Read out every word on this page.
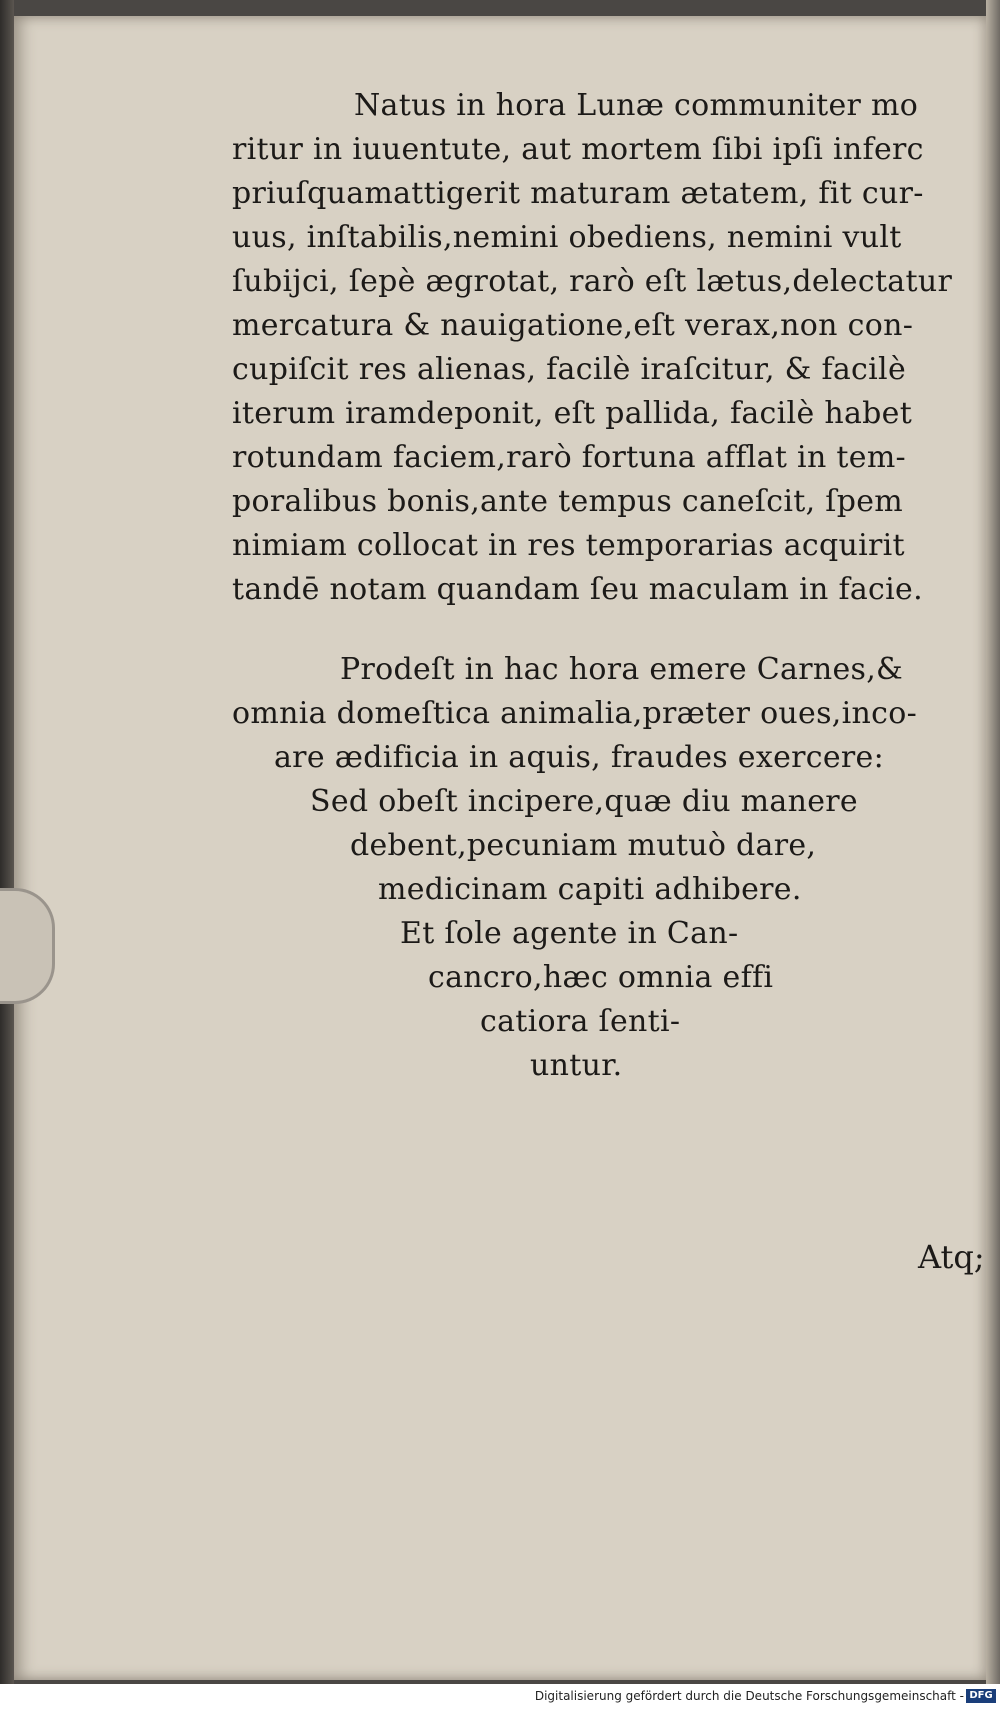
Natus in hora Lunæ communiter mo
ritur in iuuentute, aut mortem ſibi ipſi inferc
priuſquamattigerit maturam ætatem, fit cur-
uus, inſtabilis,nemini obediens, nemini vult
ſubijci, ſepè ægrotat, rarò eſt lætus,delectatur
mercatura & nauigatione,eſt verax,non con-
cupiſcit res alienas, facilè iraſcitur, & facilè
iterum iramdeponit, eſt pallida, facilè habet
rotundam faciem,rarò fortuna afflat in tem-
poralibus bonis,ante tempus caneſcit, ſpem
nimiam collocat in res temporarias acquirit
tandē notam quandam ſeu maculam in facie.
Prodeſt in hac hora emere Carnes,&
omnia domeſtica animalia,præter oues,inco-
are ædificia in aquis, fraudes exercere:
Sed obeſt incipere,quæ diu manere
debent,pecuniam mutuò dare,
medicinam capiti adhibere.
Et ſole agente in Can-
cancro,hæc omnia effi
catiora ſenti-
untur.
Atq;
Digitalisierung gefördert durch die Deutsche Forschungsgemeinschaft - DFG
